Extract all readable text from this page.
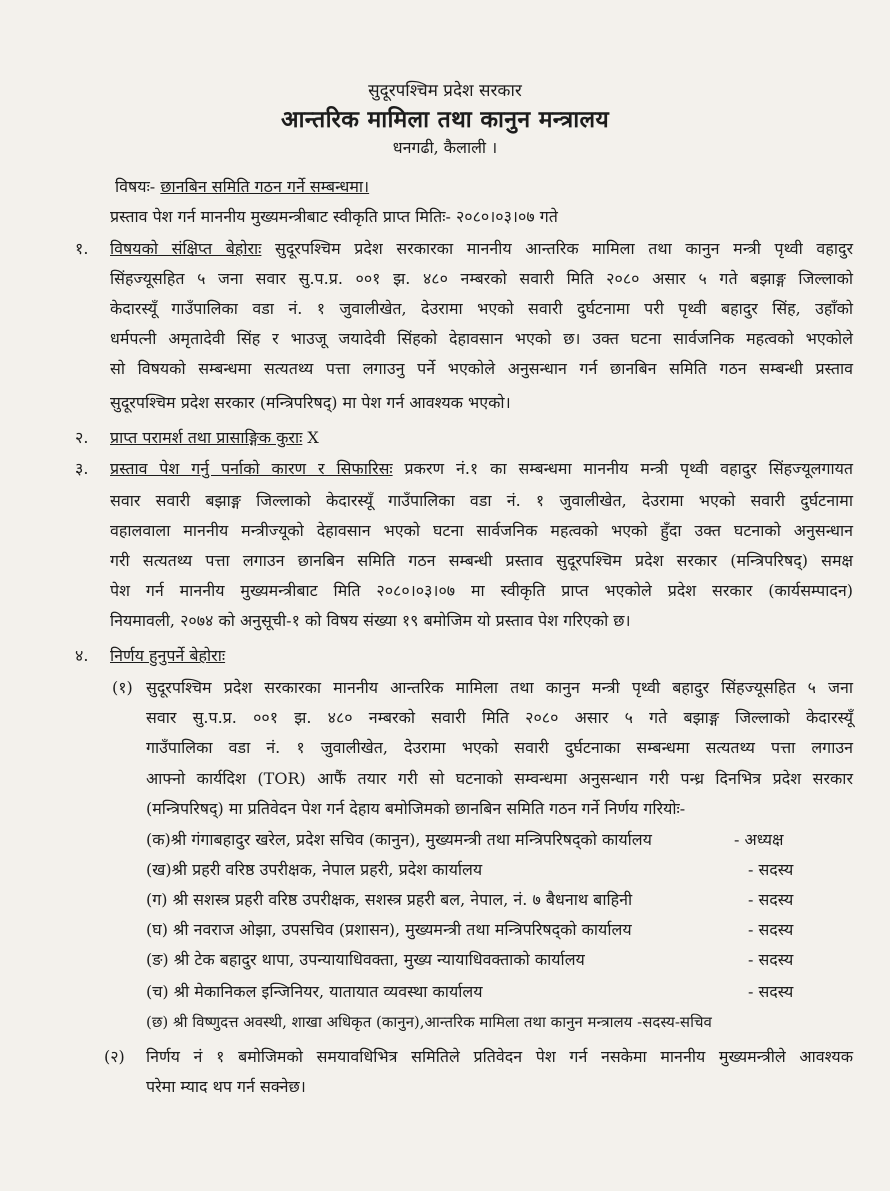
सुदूरपश्चिम प्रदेश सरकार
आन्तरिक मामिला तथा कानुन मन्त्रालय
धनगढी, कैलाली ।
विषयः- छानबिन समिति गठन गर्ने सम्बन्धमा।
प्रस्ताव पेश गर्न माननीय मुख्यमन्त्रीबाट स्वीकृति प्राप्त मितिः- २०८०।०३।०७ गते
१. विषयको संक्षिप्त बेहोराः सुदूरपश्चिम प्रदेश सरकारका माननीय आन्तरिक मामिला तथा कानुन मन्त्री पृथ्वी वहादुर
सिंहज्यूसहित ५ जना सवार सु.प.प्र. ००१ झ. ४८० नम्बरको सवारी मिति २०८० असार ५ गते बझाङ्ग जिल्लाको
केदारस्यूँ गाउँपालिका वडा नं. १ जुवालीखेत, देउरामा भएको सवारी दुर्घटनामा परी पृथ्वी बहादुर सिंह, उहाँको
धर्मपत्नी अमृतादेवी सिंह र भाउजू जयादेवी सिंहको देहावसान भएको छ। उक्त घटना सार्वजनिक महत्वको भएकोले
सो विषयको सम्बन्धमा सत्यतथ्य पत्ता लगाउनु पर्ने भएकोले अनुसन्धान गर्न छानबिन समिति गठन सम्बन्धी प्रस्ताव
सुदूरपश्चिम प्रदेश सरकार (मन्त्रिपरिषद्) मा पेश गर्न आवश्यक भएको।
२. प्राप्त परामर्श तथा प्रासाङ्गिक कुराः X
३. प्रस्ताव पेश गर्नु पर्नाको कारण र सिफारिसः प्रकरण नं.१ का सम्बन्धमा माननीय मन्त्री पृथ्वी वहादुर सिंहज्यूलगायत
सवार सवारी बझाङ्ग जिल्लाको केदारस्यूँ गाउँपालिका वडा नं. १ जुवालीखेत, देउरामा भएको सवारी दुर्घटनामा
वहालवाला माननीय मन्त्रीज्यूको देहावसान भएको घटना सार्वजनिक महत्वको भएको हुँदा उक्त घटनाको अनुसन्धान
गरी सत्यतथ्य पत्ता लगाउन छानबिन समिति गठन सम्बन्धी प्रस्ताव सुदूरपश्चिम प्रदेश सरकार (मन्त्रिपरिषद्) समक्ष
पेश गर्न माननीय मुख्यमन्त्रीबाट मिति २०८०।०३।०७ मा स्वीकृति प्राप्त भएकोले प्रदेश सरकार (कार्यसम्पादन)
नियमावली, २०७४ को अनुसूची-१ को विषय संख्या १९ बमोजिम यो प्रस्ताव पेश गरिएको छ।
४. निर्णय हुनुपर्ने बेहोराः
(१) सुदूरपश्चिम प्रदेश सरकारका माननीय आन्तरिक मामिला तथा कानुन मन्त्री पृथ्वी बहादुर सिंहज्यूसहित ५ जना
सवार सु.प.प्र. ००१ झ. ४८० नम्बरको सवारी मिति २०८० असार ५ गते बझाङ्ग जिल्लाको केदारस्यूँ
गाउँपालिका वडा नं. १ जुवालीखेत, देउरामा भएको सवारी दुर्घटनाका सम्बन्धमा सत्यतथ्य पत्ता लगाउन
आफ्नो कार्यदिश (TOR) आफैं तयार गरी सो घटनाको सम्वन्धमा अनुसन्धान गरी पन्ध्र दिनभित्र प्रदेश सरकार
(मन्त्रिपरिषद्) मा प्रतिवेदन पेश गर्न देहाय बमोजिमको छानबिन समिति गठन गर्ने निर्णय गरियोः-
(क)श्री गंगाबहादुर खरेल, प्रदेश सचिव (कानुन), मुख्यमन्त्री तथा मन्त्रिपरिषद्को कार्यालय	- अध्यक्ष
(ख)श्री प्रहरी वरिष्ठ उपरीक्षक, नेपाल प्रहरी, प्रदेश कार्यालय	- सदस्य
(ग) श्री सशस्त्र प्रहरी वरिष्ठ उपरीक्षक, सशस्त्र प्रहरी बल, नेपाल, नं. ७ बैधनाथ बाहिनी	- सदस्य
(घ) श्री नवराज ओझा, उपसचिव (प्रशासन), मुख्यमन्त्री तथा मन्त्रिपरिषद्को कार्यालय	- सदस्य
(ङ) श्री टेक बहादुर थापा, उपन्यायाधिवक्ता, मुख्य न्यायाधिवक्ताको कार्यालय	- सदस्य
(च) श्री मेकानिकल इन्जिनियर, यातायात व्यवस्था कार्यालय	- सदस्य
(छ) श्री विष्णुदत्त अवस्थी, शाखा अधिकृत (कानुन),आन्तरिक मामिला तथा कानुन मन्त्रालय -सदस्य-सचिव
(२) निर्णय नं १ बमोजिमको समयावधिभित्र समितिले प्रतिवेदन पेश गर्न नसकेमा माननीय मुख्यमन्त्रीले आवश्यक
परेमा म्याद थप गर्न सक्नेछ।
